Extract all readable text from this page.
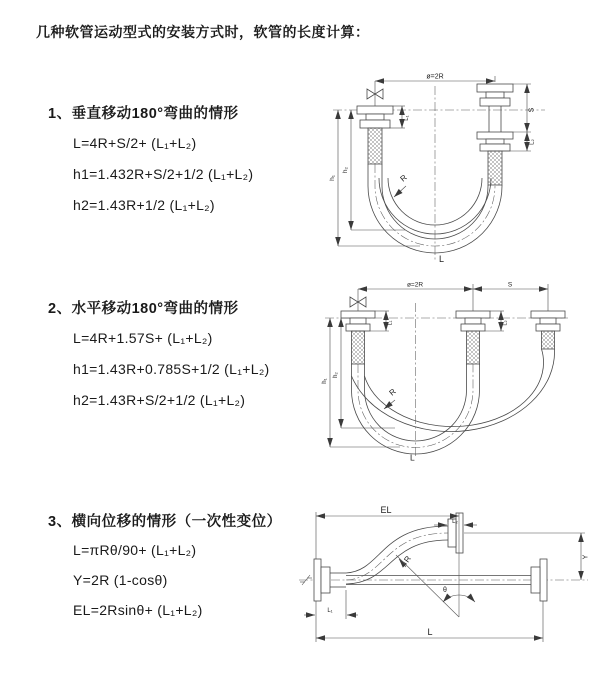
几种软管运动型式的安装方式时，软管的长度计算：
1、垂直移动180°弯曲的情形
L=4R+S/2+ (L₁+L₂)
h1=1.432R+S/2+1/2 (L₁+L₂)
h2=1.43R+1/2 (L₁+L₂)
2、水平移动180°弯曲的情形
L=4R+1.57S+ (L₁+L₂)
h1=1.43R+0.785S+1/2 (L₁+L₂)
h2=1.43R+S/2+1/2 (L₁+L₂)
3、横向位移的情形（一次性变位）
L=πRθ/90+ (L₁+L₂)
Y=2R (1-cosθ)
EL=2Rsinθ+ (L₁+L₂)
ø=2R
R
S
L₂
L₁
h₁
h₂
L
ø=2R	S
R
L₁	L₂
h₁
h₂
L
EL
L₂
Y
R
θ
L₁
L
